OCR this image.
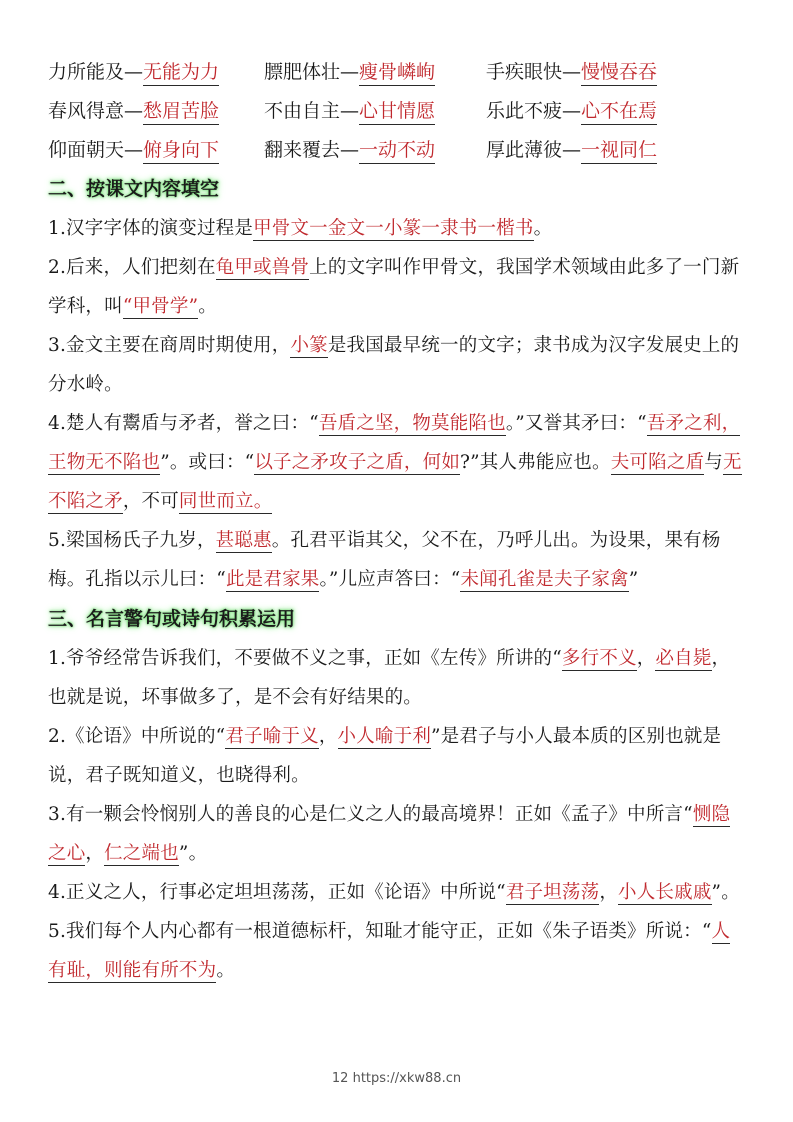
力所能及— 无能为力 膘肥体壮— 瘦骨嶙峋	手疾眼快— 慢慢吞吞
春风得意— 愁眉苦脸 不由自主— 心甘情愿	乐此不疲— 心不在焉
仰面朝天— 俯身向下 翻来覆去— 一动不动	厚此薄彼— 一视同仁
二、按课文内容填空
1.汉字字体的演变过程是甲骨文一金文一小篆一隶书一楷书。
2.后来，人们把刻在龟甲或兽骨上的文字叫作甲骨文，我国学术领域由此多了一门新学科，叫“甲骨学”。
3.金文主要在商周时期使用，小篆是我国最早统一的文字；隶书成为汉字发展史上的分水岭。
4.楚人有鬻盾与矛者，誉之曰：“吾盾之坚，物莫能陷也。”又誉其矛曰：“吾矛之利，王物无不陷也”。或曰：“以子之矛攻子之盾，何如?”其人弗能应也。夫可陷之盾与无不陷之矛，不可同世而立。
5.梁国杨氏子九岁，甚聪惠。孔君平诣其父，父不在，乃呼儿出。为设果，果有杨梅。孔指以示儿曰：“此是君家果。”儿应声答曰：“未闻孔雀是夫子家禽”
三、名言警句或诗句积累运用
1.爷爷经常告诉我们，不要做不义之事，正如《左传》所讲的“多行不义，必自毙，也就是说，坏事做多了，是不会有好结果的。
2.《论语》中所说的“君子喻于义，小人喻于利”是君子与小人最本质的区别也就是说，君子既知道义，也晓得利。
3.有一颗会怜悯别人的善良的心是仁义之人的最高境界！正如《孟子》中所言“恻隐之心，仁之端也”。
4.正义之人，行事必定坦坦荡荡，正如《论语》中所说“君子坦荡荡，小人长戚戚”。
5.我们每个人内心都有一根道德标杆，知耻才能守正，正如《朱子语类》所说：“人有耻，则能有所不为。
12 https://xkw88.cn
